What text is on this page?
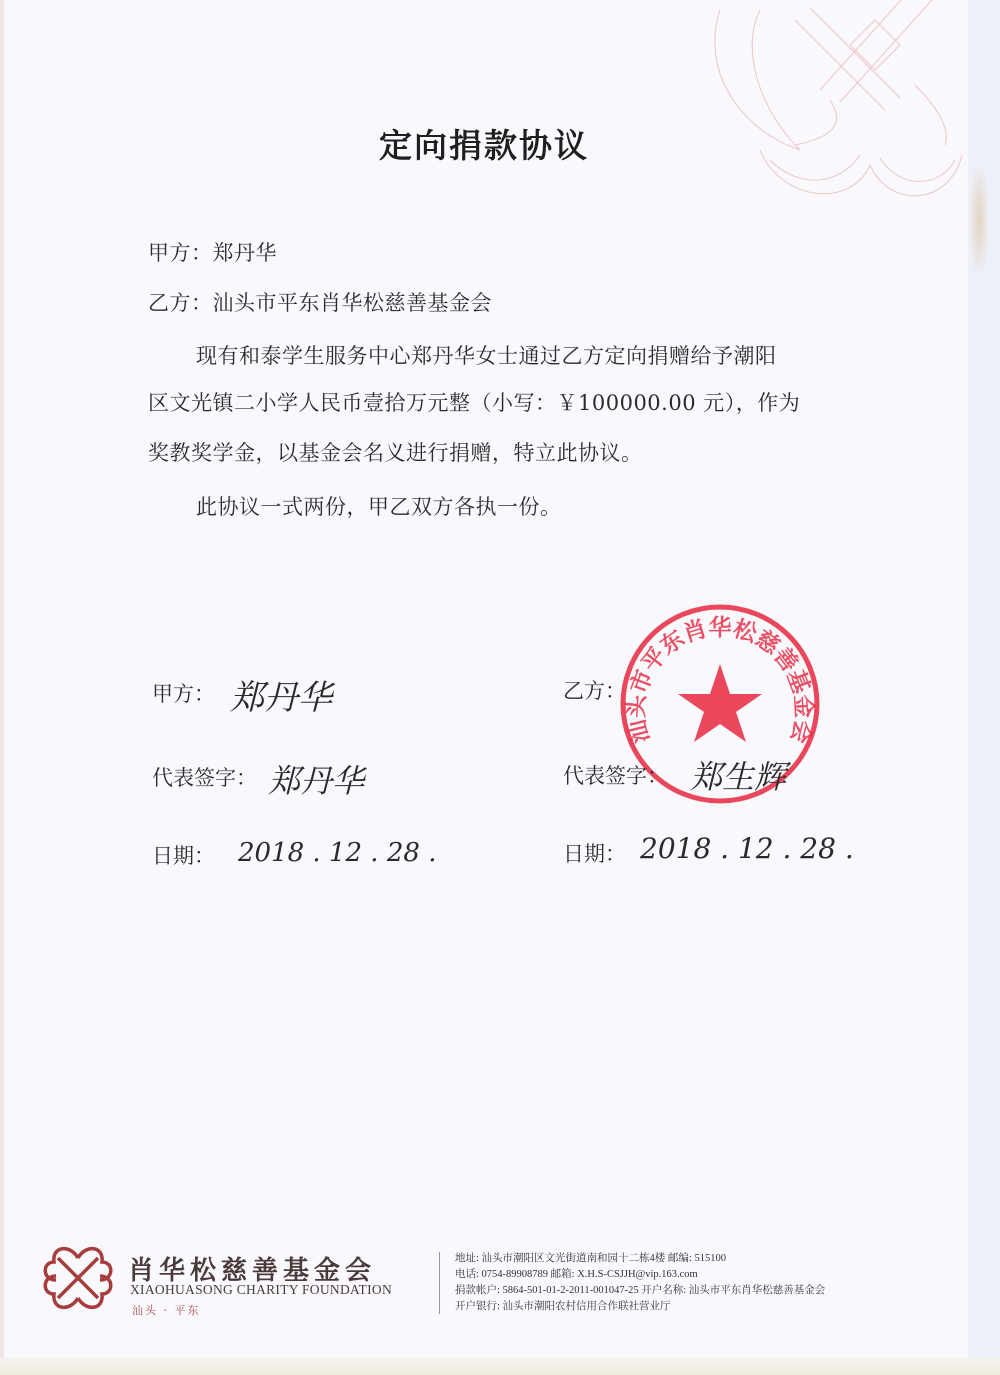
定向捐款协议
甲方：郑丹华
乙方：汕头市平东肖华松慈善基金会
现有和泰学生服务中心郑丹华女士通过乙方定向捐赠给予潮阳
区文光镇二小学人民币壹拾万元整（小写：￥100000.00 元），作为
奖教奖学金，以基金会名义进行捐赠，特立此协议。
此协议一式两份，甲乙双方各执一份。
甲方： 郑丹华
代表签字： 郑丹华
日期： 2018 . 12 . 28 .
乙方：
汕头市平东肖华松慈善基金会
代表签字： 郑生辉
日期： 2018 . 12 . 28 .
肖华松慈善基金会
XIAOHUASONG CHARITY FOUNDATION
汕头 · 平东
地址: 汕头市潮阳区文光街道南和园十二栋4楼 邮编: 515100
电话: 0754-89908789 邮箱: X.H.S-CSJJH@vip.163.com
捐款帐户: 5864-501-01-2-2011-001047-25 开户名称: 汕头市平东肖华松慈善基金会
开户银行: 汕头市潮阳农村信用合作联社营业厅
